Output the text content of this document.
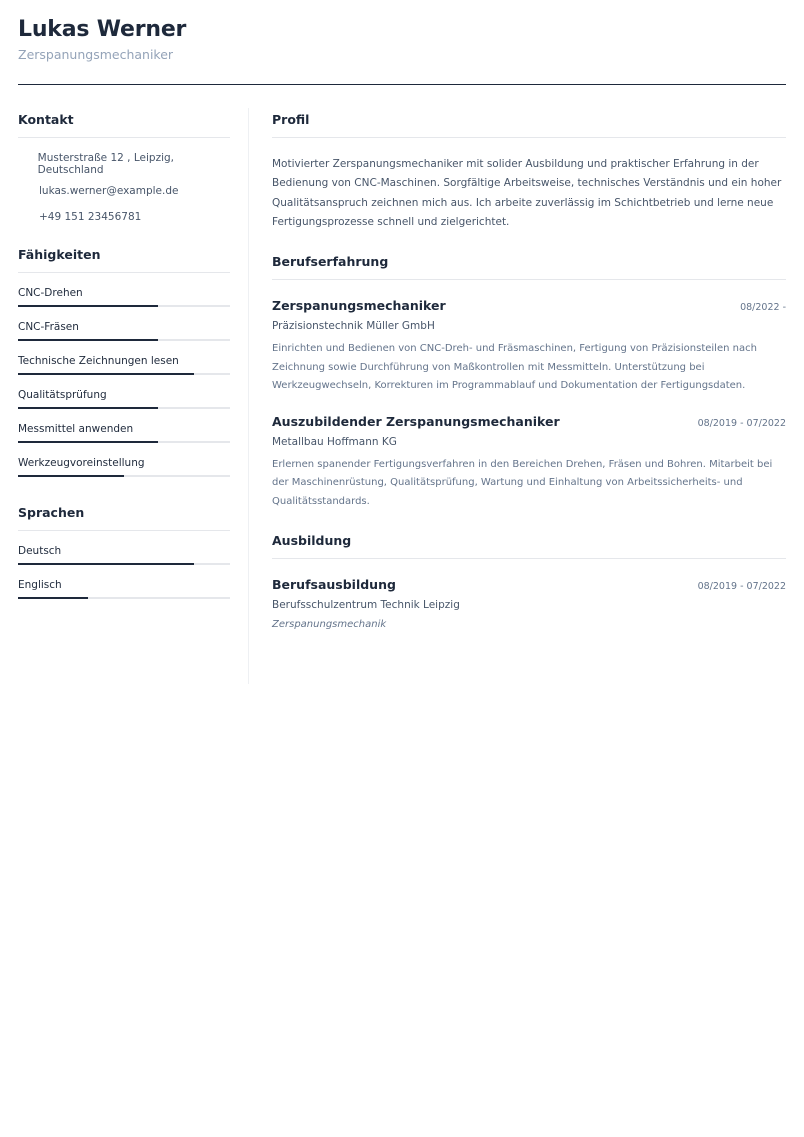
Lukas Werner
Zerspanungsmechaniker
Kontakt
Musterstraße 12 , Leipzig, Deutschland
lukas.werner@example.de
+49 151 23456781
Fähigkeiten
CNC-Drehen
CNC-Fräsen
Technische Zeichnungen lesen
Qualitätsprüfung
Messmittel anwenden
Werkzeugvoreinstellung
Sprachen
Deutsch
Englisch
Profil

Motivierter Zerspanungsmechaniker mit solider Ausbildung und praktischer Erfahrung in der Bedienung von CNC-Maschinen. Sorgfältige Arbeitsweise, technisches Verständnis und ein hoher Qualitätsanspruch zeichnen mich aus. Ich arbeite zuverlässig im Schichtbetrieb und lerne neue Fertigungsprozesse schnell und zielgerichtet.

Berufserfahrung
Zerspanungsmechaniker	08/2022 -
Präzisionstechnik Müller GmbH

Einrichten und Bedienen von CNC-Dreh- und Fräsmaschinen, Fertigung von Präzisionsteilen nach Zeichnung sowie Durchführung von Maßkontrollen mit Messmitteln. Unterstützung bei Werkzeugwechseln, Korrekturen im Programmablauf und Dokumentation der Fertigungsdaten.

Auszubildender Zerspanungsmechaniker	08/2019 - 07/2022
Metallbau Hoffmann KG

Erlernen spanender Fertigungsverfahren in den Bereichen Drehen, Fräsen und Bohren. Mitarbeit bei der Maschinenrüstung, Qualitätsprüfung, Wartung und Einhaltung von Arbeitssicherheits- und Qualitätsstandards.

Ausbildung
Berufsausbildung	08/2019 - 07/2022
Berufsschulzentrum Technik Leipzig
Zerspanungsmechanik
